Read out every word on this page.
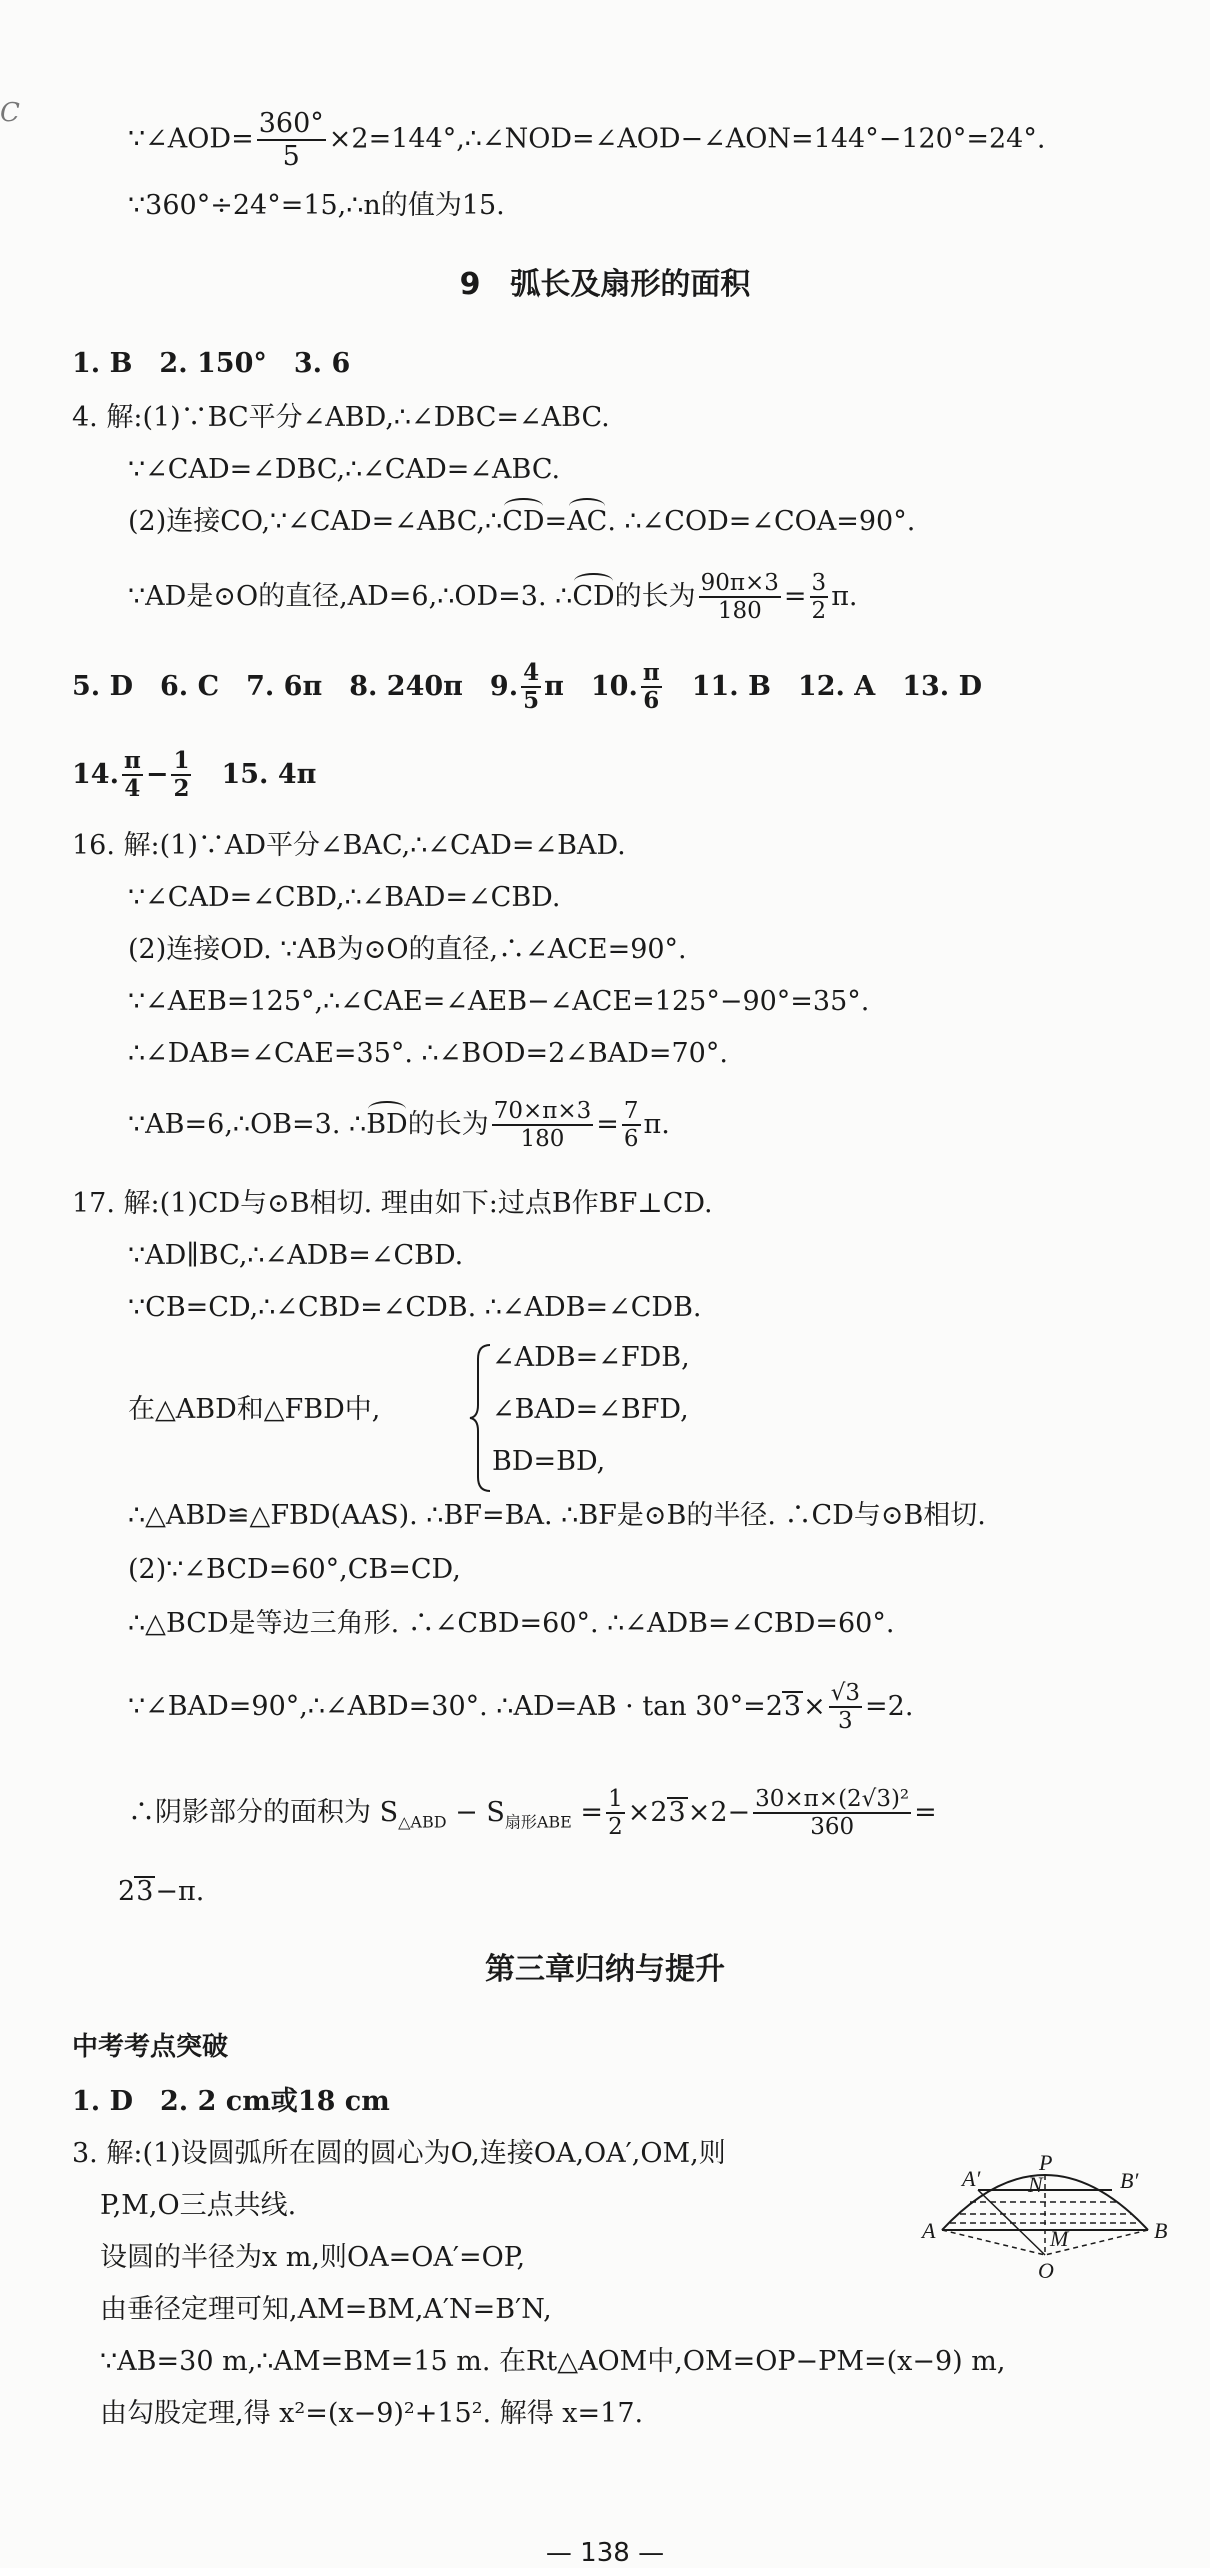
C
∵∠AOD= $\frac{360^\circ}{5}$ ×2=144°,∴∠NOD=∠AOD−∠AON=144°−120°=24°.
∵360°÷24°=15,∴n的值为15.
9　弧长及扇形的面积
1. B　2. 150°　3. 6
4. 解:(1)∵BC平分∠ABD,∴∠DBC=∠ABC.
∵∠CAD=∠DBC,∴∠CAD=∠ABC.
(2)连接CO,∵∠CAD=∠ABC,∴CD=AC. ∴∠COD=∠COA=90°.
∵AD是⊙O的直径,AD=6,∴OD=3. ∴CD的长为 $\frac{90\pi\times 3}{180} = \frac{3}{2} \pi$.
5. D　6. C　7. 6π　8. 240π　9. $\frac{4}{5}$ π　10. $\frac{\pi}{6}$ 　11. B　12. A　13. D
14. $\frac{\pi}{4} - \frac{1}{2}$ 　15. 4π
16. 解:(1)∵AD平分∠BAC,∴∠CAD=∠BAD.
∵∠CAD=∠CBD,∴∠BAD=∠CBD.
(2)连接OD. ∵AB为⊙O的直径,∴∠ACE=90°.
∵∠AEB=125°,∴∠CAE=∠AEB−∠ACE=125°−90°=35°.
∴∠DAB=∠CAE=35°. ∴∠BOD=2∠BAD=70°.
∵AB=6,∴OB=3. ∴BD的长为 $\frac{70\times\pi\times 3}{180} = \frac{7}{6} \pi$.
17. 解:(1)CD与⊙B相切. 理由如下:过点B作BF⊥CD.
∵AD∥BC,∴∠ADB=∠CBD.
∵CB=CD,∴∠CBD=∠CDB. ∴∠ADB=∠CDB.
在△ABD和△FBD中,
∠ADB=∠FDB,
∠BAD=∠BFD,
BD=BD,
∴△ABD≌△FBD(AAS). ∴BF=BA. ∴BF是⊙B的半径. ∴CD与⊙B相切.
(2)∵∠BCD=60°,CB=CD,
∴△BCD是等边三角形. ∴∠CBD=60°. ∴∠ADB=∠CBD=60°.
∵∠BAD=90°,∴∠ABD=30°. ∴AD=AB · $\tan 30^\circ=23\times \frac{√3}{3} =2$.
∴阴影部分的面积为 $S_{\triangle ABD} - S_{扇形ABE} = \frac{1}{2} \times 23\times 2- \frac{\text{30×π×(2√3)²}}{360}$ =
23−π.
第三章归纳与提升
中考考点突破
1. D　2. 2 cm或18 cm
3. 解:(1)设圆弧所在圆的圆心为O,连接OA,OA′,OM,则
P,M,O三点共线.
设圆的半径为x m,则OA=OA′=OP,
由垂径定理可知,AM=BM,A′N=B′N,
∵AB=30 m,∴AM=BM=15 m. 在Rt△AOM中,OM=OP−PM=(x−9) m,
由勾股定理,得 x²=(x−9)²+15². 解得 x=17.
A′
P
B′
N
A	M	B
O
— 138 —
